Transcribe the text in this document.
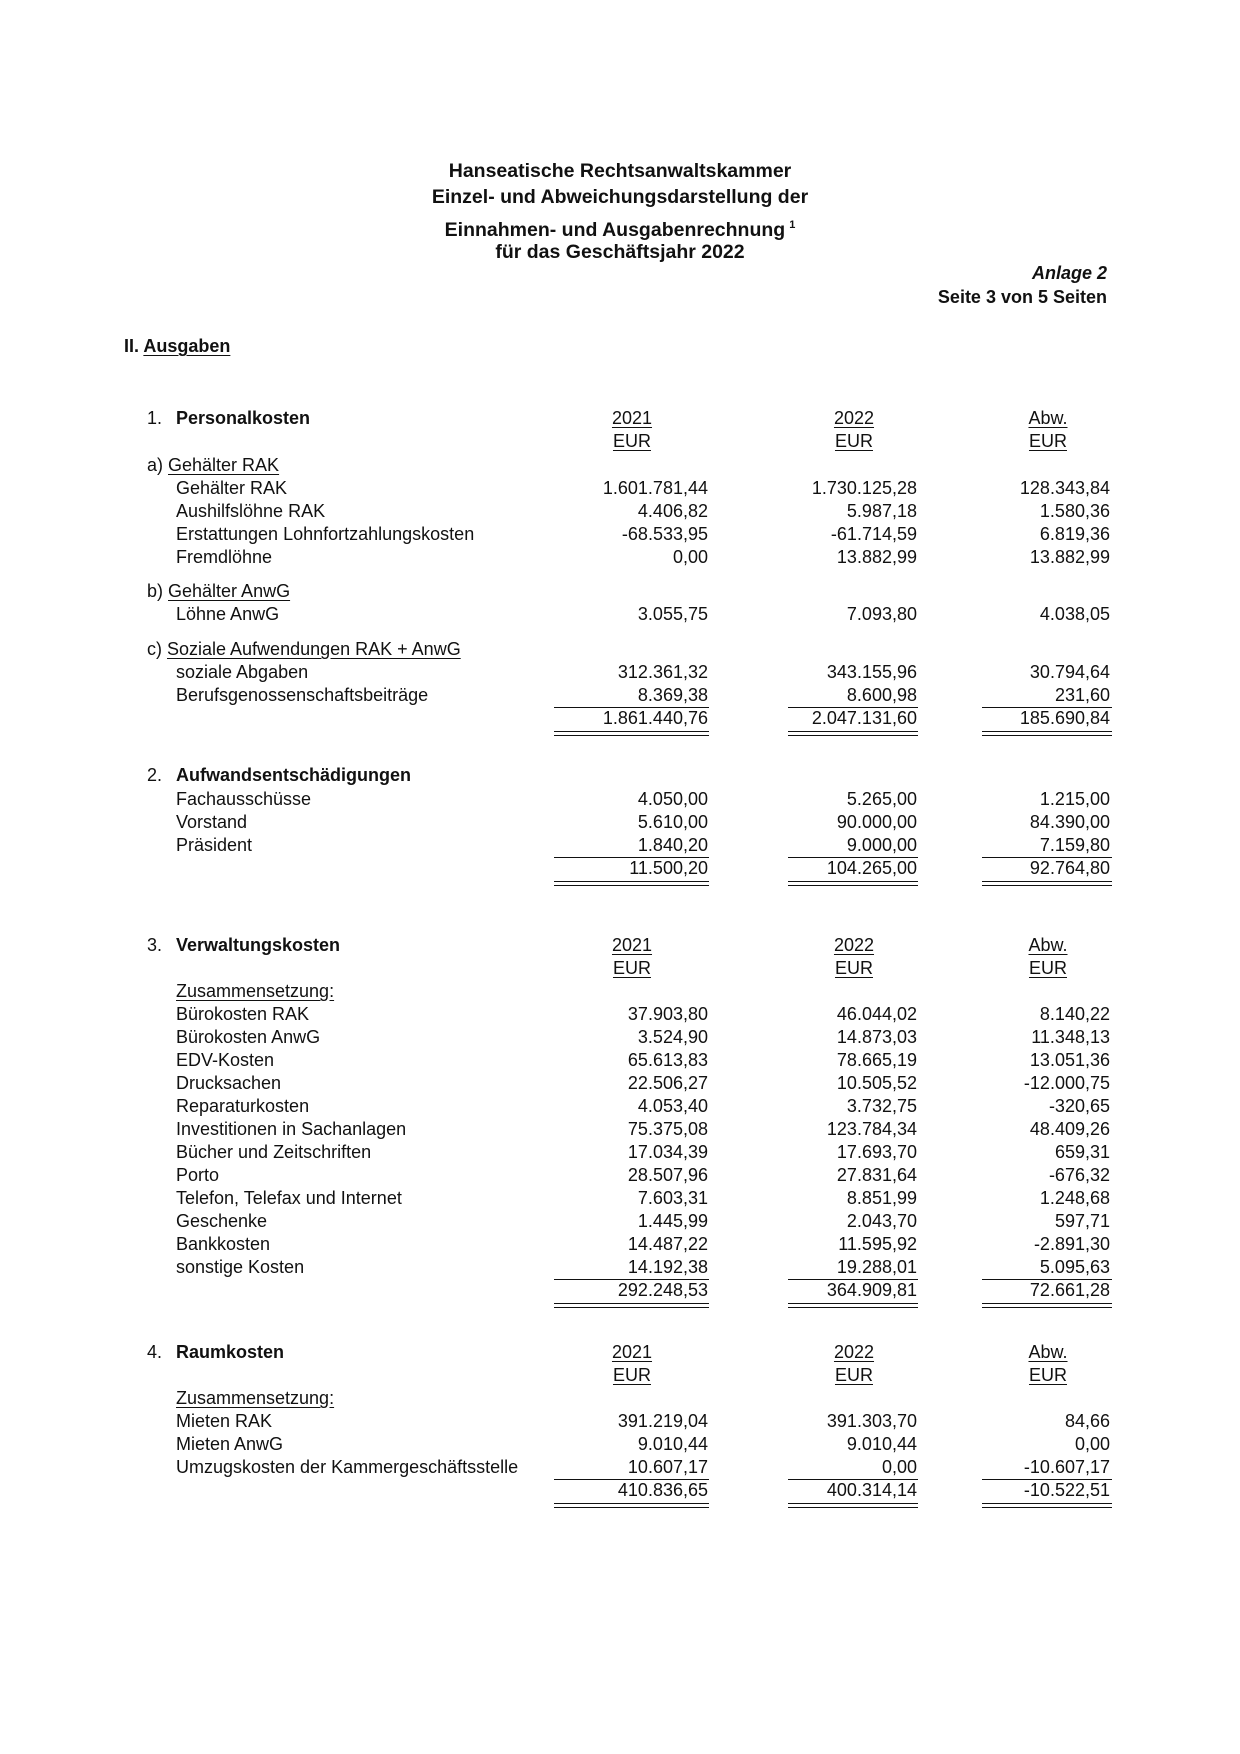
Hanseatische Rechtsanwaltskammer
Einzel- und Abweichungsdarstellung der
Einnahmen- und Ausgabenrechnung $^1$
für das Geschäftsjahr 2022
Anlage 2
Seite 3 von 5 Seiten
II. Ausgaben
1. Personalkosten	2021	2022	Abw.
EUR	EUR	EUR
a) Gehälter RAK
Gehälter RAK	1.601.781,44	1.730.125,28	128.343,84
Aushilfslöhne RAK	4.406,82	5.987,18	1.580,36
Erstattungen Lohnfortzahlungskosten	-68.533,95	-61.714,59	6.819,36
Fremdlöhne	0,00	13.882,99	13.882,99
b) Gehälter AnwG
Löhne AnwG	3.055,75	7.093,80	4.038,05
c) Soziale Aufwendungen RAK + AnwG
soziale Abgaben	312.361,32	343.155,96	30.794,64
Berufsgenossenschaftsbeiträge	8.369,38	8.600,98	231,60
1.861.440,76	2.047.131,60	185.690,84
2. Aufwandsentschädigungen
Fachausschüsse	4.050,00	5.265,00	1.215,00
Vorstand	5.610,00	90.000,00	84.390,00
Präsident	1.840,20	9.000,00	7.159,80
11.500,20	104.265,00	92.764,80
3. Verwaltungskosten	2021	2022	Abw.
EUR	EUR	EUR
Zusammensetzung:
Bürokosten RAK	37.903,80	46.044,02	8.140,22
Bürokosten AnwG	3.524,90	14.873,03	11.348,13
EDV-Kosten	65.613,83	78.665,19	13.051,36
Drucksachen	22.506,27	10.505,52	-12.000,75
Reparaturkosten	4.053,40	3.732,75	-320,65
Investitionen in Sachanlagen	75.375,08	123.784,34	48.409,26
Bücher und Zeitschriften	17.034,39	17.693,70	659,31
Porto	28.507,96	27.831,64	-676,32
Telefon, Telefax und Internet	7.603,31	8.851,99	1.248,68
Geschenke	1.445,99	2.043,70	597,71
Bankkosten	14.487,22	11.595,92	-2.891,30
sonstige Kosten	14.192,38	19.288,01	5.095,63
292.248,53	364.909,81	72.661,28
4. Raumkosten	2021	2022	Abw.
EUR	EUR	EUR
Zusammensetzung:
Mieten RAK	391.219,04	391.303,70	84,66
Mieten AnwG	9.010,44	9.010,44	0,00
Umzugskosten der Kammergeschäftsstelle	10.607,17	0,00	-10.607,17
410.836,65	400.314,14	-10.522,51
